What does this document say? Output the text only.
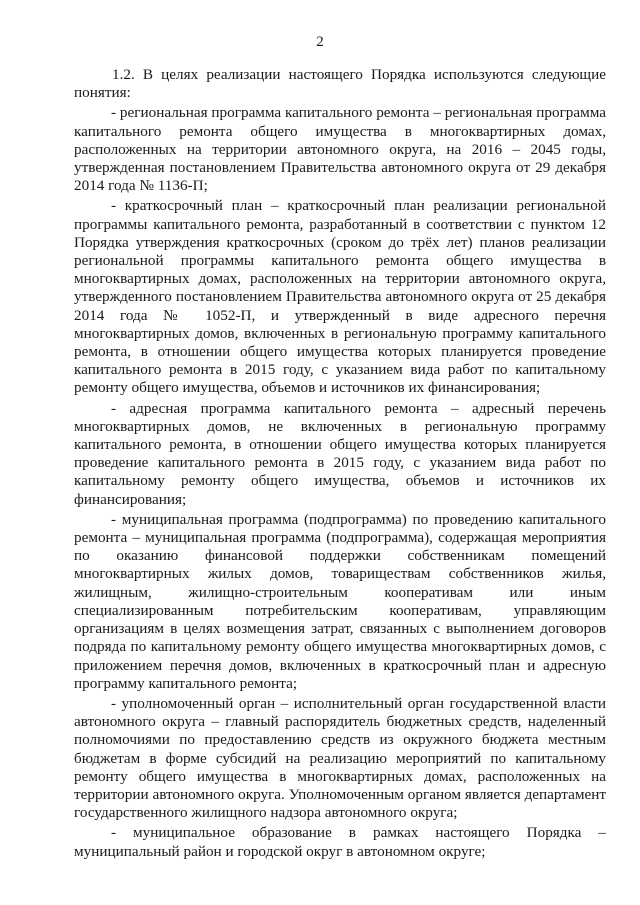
2

1.2. В целях реализации настоящего Порядка используются следующие понятия:

- региональная программа капитального ремонта – региональная программа капитального ремонта общего имущества в многоквартирных домах, расположенных на территории автономного округа, на 2016 – 2045 годы, утвержденная постановлением Правительства автономного округа от 29 декабря 2014 года № 1136-П;

- краткосрочный план – краткосрочный план реализации региональной программы капитального ремонта, разработанный в соответствии с пунктом 12 Порядка утверждения краткосрочных (сроком до трёх лет) планов реализации региональной программы капитального ремонта общего имущества в многоквартирных домах, расположенных на территории автономного округа, утвержденного постановлением Правительства автономного округа от 25 декабря 2014 года № 1052-П, и утвержденный в виде адресного перечня многоквартирных домов, включенных в региональную программу капитального ремонта, в отношении общего имущества которых планируется проведение капитального ремонта в 2015 году, с указанием вида работ по капитальному ремонту общего имущества, объемов и источников их финансирования;

- адресная программа капитального ремонта – адресный перечень многоквартирных домов, не включенных в региональную программу капитального ремонта, в отношении общего имущества которых планируется проведение капитального ремонта в 2015 году, с указанием вида работ по капитальному ремонту общего имущества, объемов и источников их финансирования;

- муниципальная программа (подпрограмма) по проведению капитального ремонта – муниципальная программа (подпрограмма), содержащая мероприятия по оказанию финансовой поддержки собственникам помещений многоквартирных жилых домов, товариществам собственников жилья, жилищным, жилищно-строительным кооперативам или иным специализированным потребительским кооперативам, управляющим организациям в целях возмещения затрат, связанных с выполнением договоров подряда по капитальному ремонту общего имущества многоквартирных домов, с приложением перечня домов, включенных в краткосрочный план и адресную программу капитального ремонта;

- уполномоченный орган – исполнительный орган государственной власти автономного округа – главный распорядитель бюджетных средств, наделенный полномочиями по предоставлению средств из окружного бюджета местным бюджетам в форме субсидий на реализацию мероприятий по капитальному ремонту общего имущества в многоквартирных домах, расположенных на территории автономного округа. Уполномоченным органом является департамент государственного жилищного надзора автономного округа;

- муниципальное образование в рамках настоящего Порядка – муниципальный район и городской округ в автономном округе;
